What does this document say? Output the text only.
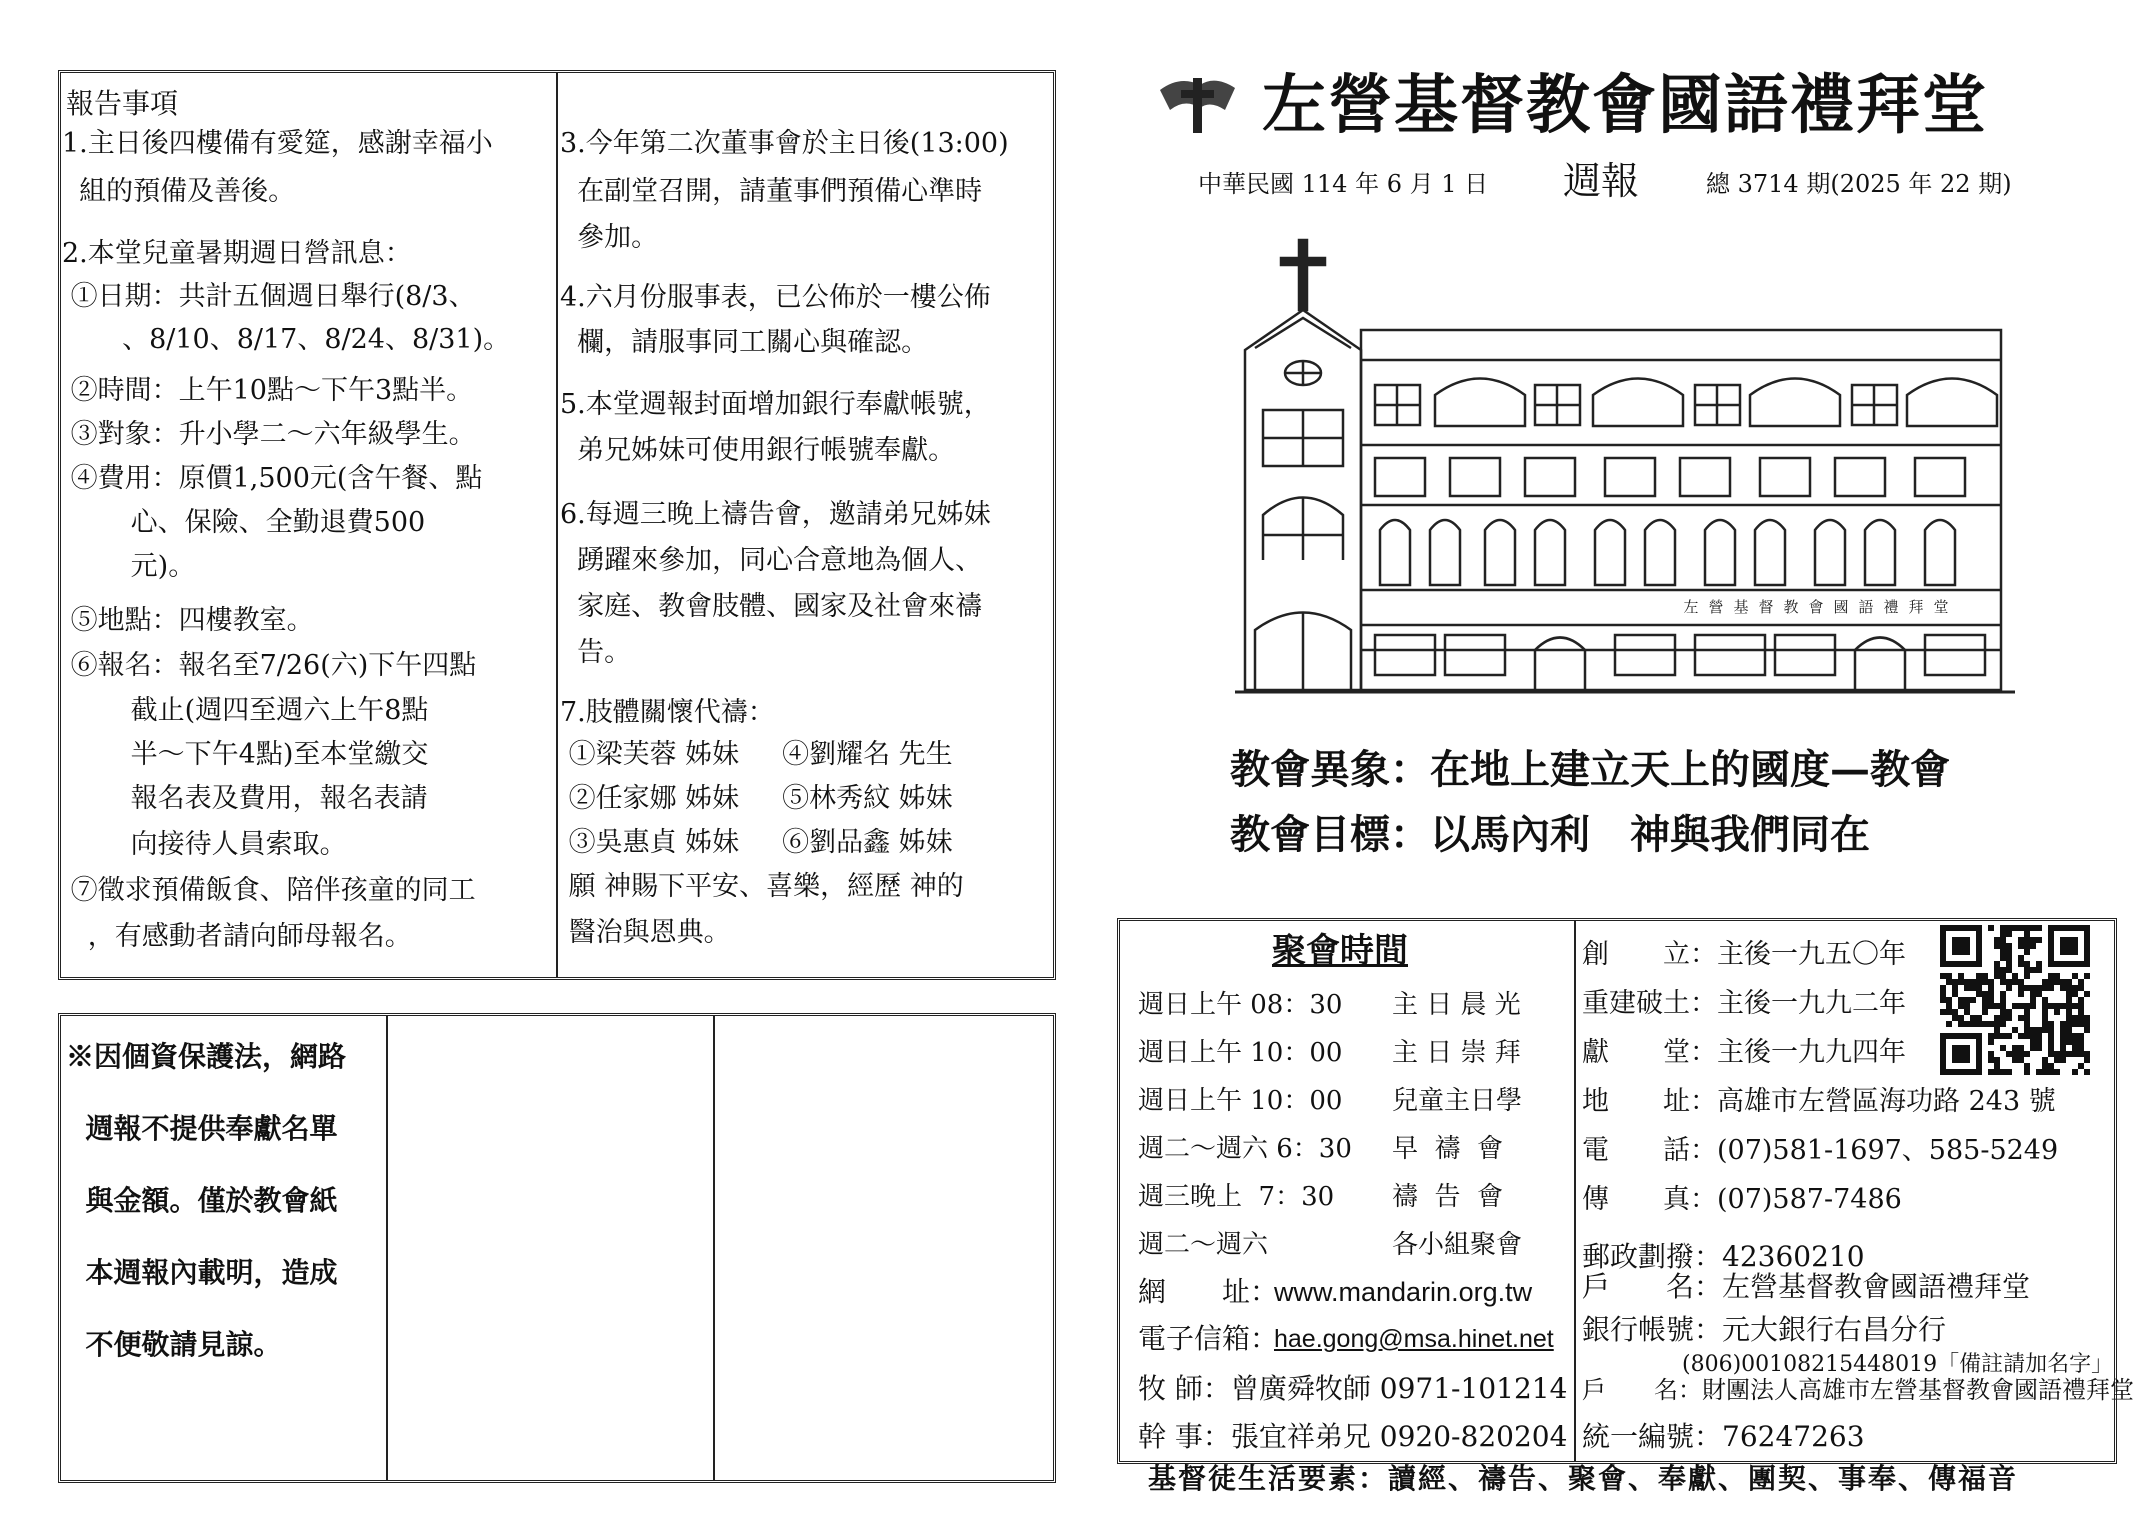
報告事項
1.主日後四樓備有愛筵，感謝幸福小
組的預備及善後。
2.本堂兒童暑期週日營訊息：
①日期：共計五個週日舉行(8/3、
、8/10、8/17、8/24、8/31)。
②時間：上午10點～下午3點半。
③對象：升小學二～六年級學生。
④費用：原價1,500元(含午餐、點
心、保險、全勤退費500
元)。
⑤地點：四樓教室。
⑥報名：報名至7/26(六)下午四點
截止(週四至週六上午8點
半～下午4點)至本堂繳交
報名表及費用，報名表請
向接待人員索取。
⑦徵求預備飯食、陪伴孩童的同工
，有感動者請向師母報名。
3.今年第二次董事會於主日後(13:00)
在副堂召開，請董事們預備心準時
參加。
4.六月份服事表，已公佈於一樓公佈
欄，請服事同工關心與確認。
5.本堂週報封面增加銀行奉獻帳號，
弟兄姊妹可使用銀行帳號奉獻。
6.每週三晚上禱告會，邀請弟兄姊妹
踴躍來參加，同心合意地為個人、
家庭、教會肢體、國家及社會來禱
告。
7.肢體關懷代禱：
①梁芙蓉 姊妹     ④劉耀名 先生
②任家娜 姊妹     ⑤林秀紋 姊妹
③吳惠貞 姊妹     ⑥劉品鑫 姊妹
願 神賜下平安、喜樂，經歷 神的
醫治與恩典。
※因個資保護法，網路
週報不提供奉獻名單
與金額。僅於教會紙
本週報內載明，造成
不便敬請見諒。
左營基督教會國語禮拜堂
中華民國 114 年 6 月 1 日 週報	總 3714 期(2025 年 22 期)
左營基督教會國語禮拜堂
教會異象：在地上建立天上的國度—教會
教會目標：以馬內利　神與我們同在
聚會時間
週日上午 08：30 主 日 晨 光
週日上午 10：00 主 日 崇 拜
週日上午 10：00 兒童主日學
週二～週六 6：30 早  禱  會
週三晚上  7：30 禱  告  會
週二～週六	各小組聚會
網　　址：
www.mandarin.org.tw
電子信箱：
hae.gong@msa.hinet.net
牧 師：曾廣舜牧師 0971-101214
幹 事：張宜祥弟兄 0920-820204
創　　立：主後一九五〇年
重建破土：主後一九九二年
獻　　堂：主後一九九四年
地　　址：高雄市左營區海功路 243 號
電　　話：(07)581-1697、585-5249
傳　　真：(07)587-7486
郵政劃撥：42360210
戶　　名：左營基督教會國語禮拜堂
銀行帳號：元大銀行右昌分行
(806)00108215448019「備註請加名字」
戶　　名：財團法人高雄市左營基督教會國語禮拜堂
統一編號：76247263
基督徒生活要素：讀經、禱告、聚會、奉獻、團契、事奉、傳福音
